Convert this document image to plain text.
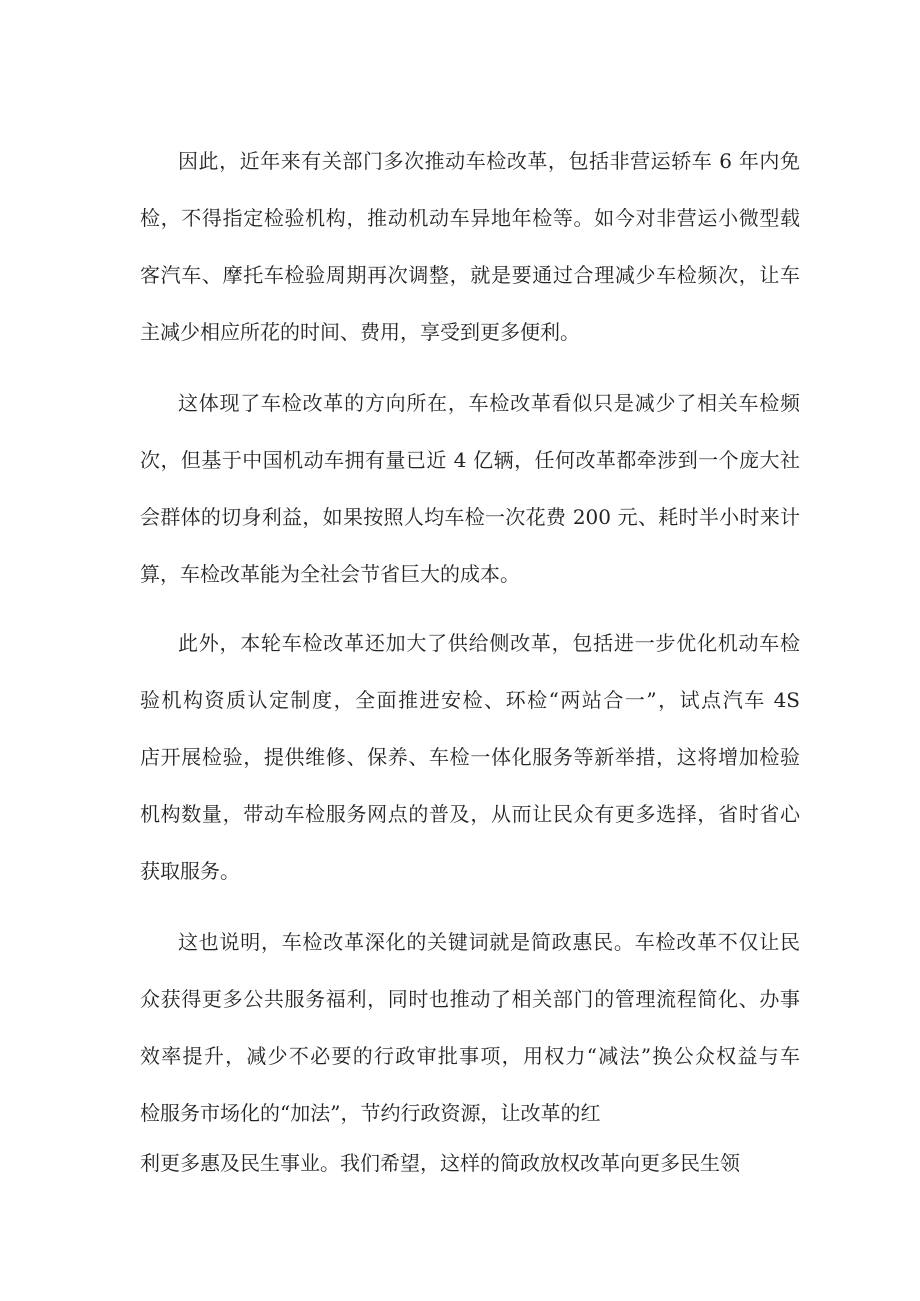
因此，近年来有关部门多次推动车检改革，包括非营运轿车 6 年内免
检，不得指定检验机构，推动机动车异地年检等。如今对非营运小微型载
客汽车、摩托车检验周期再次调整，就是要通过合理减少车检频次，让车
主减少相应所花的时间、费用，享受到更多便利。
这体现了车检改革的方向所在，车检改革看似只是减少了相关车检频
次，但基于中国机动车拥有量已近 4 亿辆，任何改革都牵涉到一个庞大社
会群体的切身利益，如果按照人均车检一次花费 200 元、耗时半小时来计
算，车检改革能为全社会节省巨大的成本。
此外，本轮车检改革还加大了供给侧改革，包括进一步优化机动车检
验机构资质认定制度，全面推进安检、环检“两站合一”，试点汽车 4S
店开展检验，提供维修、保养、车检一体化服务等新举措，这将增加检验
机构数量，带动车检服务网点的普及，从而让民众有更多选择，省时省心
获取服务。
这也说明，车检改革深化的关键词就是简政惠民。车检改革不仅让民
众获得更多公共服务福利，同时也推动了相关部门的管理流程简化、办事
效率提升，减少不必要的行政审批事项，用权力“减法”换公众权益与车
检服务市场化的“加法”，节约行政资源，让改革的红
利更多惠及民生事业。我们希望，这样的简政放权改革向更多民生领
